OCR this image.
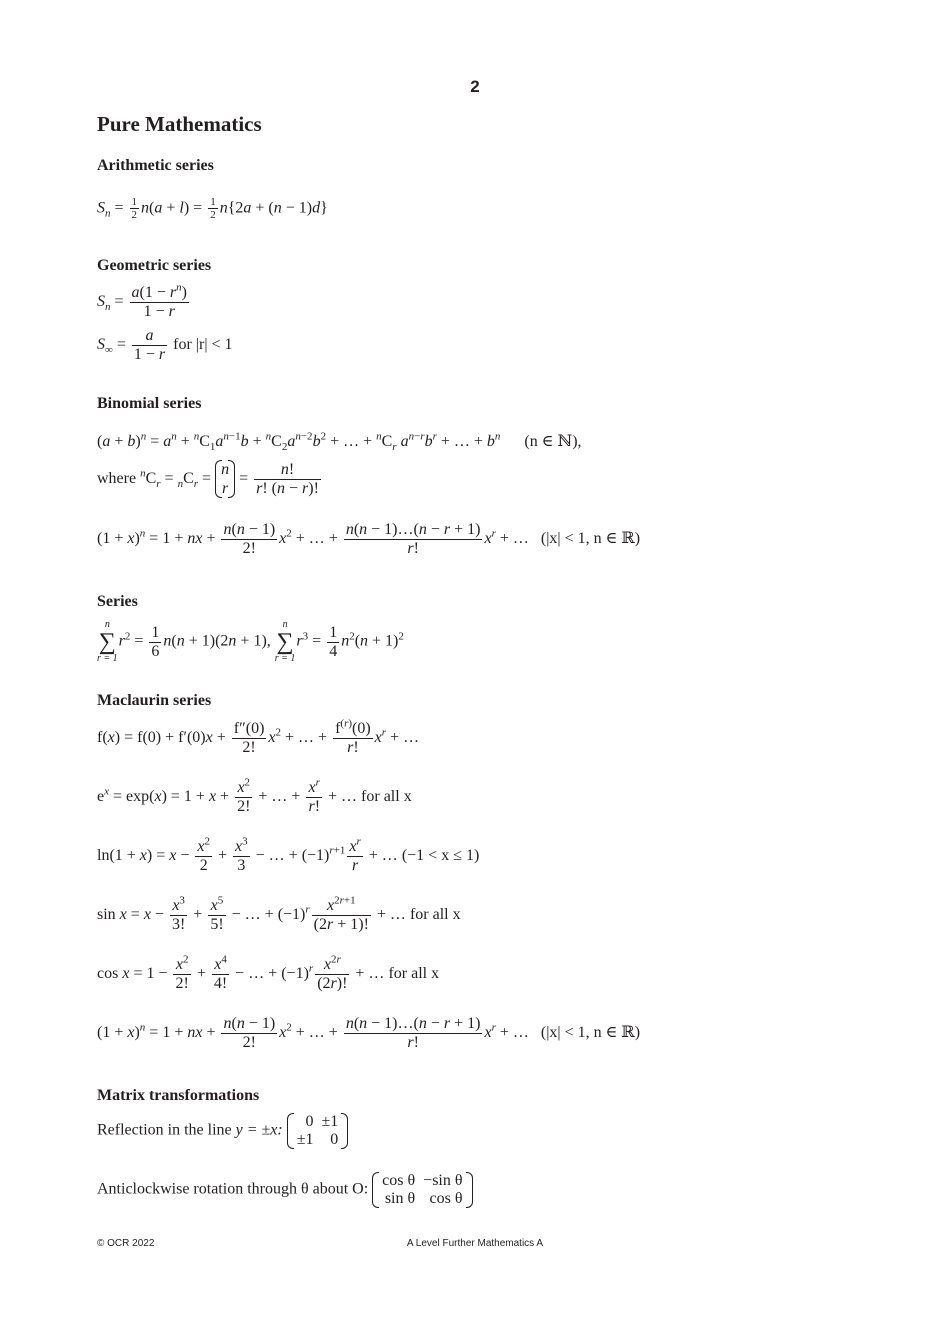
2
Pure Mathematics
Arithmetic series
$S_n = \frac{1}{2} n(a + l) = \frac{1}{2} n\{2a + (n - 1)d\}$
Geometric series
$S_n = \frac{a(1 - r^n)}{1 - r}$
$S_\infty = \frac{a}{1 - r}$ for |r| < 1
Binomial series
$(a + b)^n = a^n + ^nC_1a^{n-1}b + ^nC_2a^{n-2}b^2$ + … + $^nC_r$ $a^{n-r}b^r$ + … + $b^n$ (n ∈ ℕ),
where $^nC_r = _nC_r$ =
n
r
= $\frac{n!}{r! (n - r)!}$
$(1 + x)^n = 1$ + nx + $\frac{n(n - 1)}{2!} x^2$ + … + $\frac{n(n - 1)\dots(n - r + 1)}{r!} x^r$ + …   (|x| < 1, n ∈ ℝ)
Series
n
∑
r = 1
$r^2 = \frac{1}{6} n(n + 1)(2n + 1)$,
n
∑
r = 1
$r^3 = \frac{1}{4} n^2(n + 1)^2$
Maclaurin series
$f(x) = f(0) + f'(0)x + \frac{f''(0)}{2!} x^2$ + … + $\frac{f^{(r)}(0)}{r!} x^r$ + …
$e^x = \exp(x) = 1 + x + \frac{x^2}{2!}$ + … + $\frac{x^r}{r!}$ + … for all x
$\ln(1 + x) = x - \frac{x^2}{2} + \frac{x^3}{3}$ − … + $(-1)^{r+1} \frac{x^r}{r}$ + … (−1 < x ≤ 1)
$\sin x = x - \frac{x^3}{3!} + \frac{x^5}{5!}$ − … + $(-1)^r \frac{x^{2r+1}}{(2r + 1)!}$ + … for all x
$\cos x = 1 - \frac{x^2}{2!} + \frac{x^4}{4!}$ − … + $(-1)^r \frac{x^{2r}}{(2r)!}$ + … for all x
$(1 + x)^n = 1$ + nx + $\frac{n(n - 1)}{2!} x^2$ + … + $\frac{n(n - 1)\dots(n - r + 1)}{r!} x^r$ + …   (|x| < 1, n ∈ ℝ)
Matrix transformations
Reflection in the line y = ±x:
0	±1
±1	0
Anticlockwise rotation through θ about O:
cos θ	−sin θ
sin θ	cos θ
© OCR 2022	A Level Further Mathematics A
